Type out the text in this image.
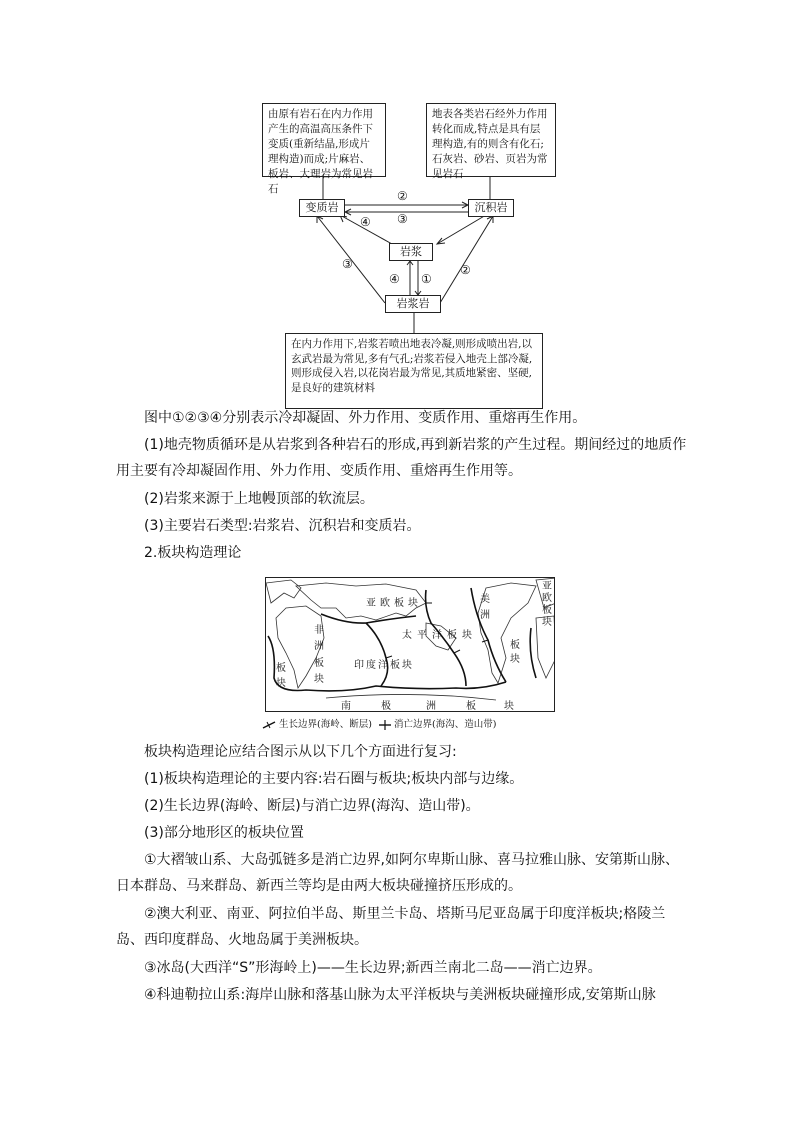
由原有岩石在内力作用产生的高温高压条件下变质(重新结晶,形成片理构造)而成;片麻岩、板岩、大理岩为常见岩石
地表各类岩石经外力作用转化而成,特点是具有层理构造,有的则含有化石;石灰岩、砂岩、页岩为常见岩石
变质岩	沉积岩
岩浆
岩浆岩
②
④ ③
③
④ ①
②
在内力作用下,岩浆若喷出地表冷凝,则形成喷出岩,以玄武岩最为常见,多有气孔;岩浆若侵入地壳上部冷凝,则形成侵入岩,以花岗岩最为常见,其质地紧密、坚硬,是良好的建筑材料
图中①②③④分别表示冷却凝固、外力作用、变质作用、重熔再生作用。
(1)地壳物质循环是从岩浆到各种岩石的形成,再到新岩浆的产生过程。期间经过的地质作用主要有冷却凝固作用、外力作用、变质作用、重熔再生作用等。
(2)岩浆来源于上地幔顶部的软流层。
(3)主要岩石类型:岩浆岩、沉积岩和变质岩。
2.板块构造理论
亚欧板块
非
洲
板
块
板
块
太平洋板块
印度洋板块
美
洲
板
块
亚
欧
板
块
南	极	洲	板	块
生长边界(海岭、断层) 消亡边界(海沟、造山带)
板块构造理论应结合图示从以下几个方面进行复习:
(1)板块构造理论的主要内容:岩石圈与板块;板块内部与边缘。
(2)生长边界(海岭、断层)与消亡边界(海沟、造山带)。
(3)部分地形区的板块位置
①大褶皱山系、大岛弧链多是消亡边界,如阿尔卑斯山脉、喜马拉雅山脉、安第斯山脉、日本群岛、马来群岛、新西兰等均是由两大板块碰撞挤压形成的。
②澳大利亚、南亚、阿拉伯半岛、斯里兰卡岛、塔斯马尼亚岛属于印度洋板块;格陵兰岛、西印度群岛、火地岛属于美洲板块。
③冰岛(大西洋“S”形海岭上)——生长边界;新西兰南北二岛——消亡边界。
④科迪勒拉山系:海岸山脉和落基山脉为太平洋板块与美洲板块碰撞形成,安第斯山脉
